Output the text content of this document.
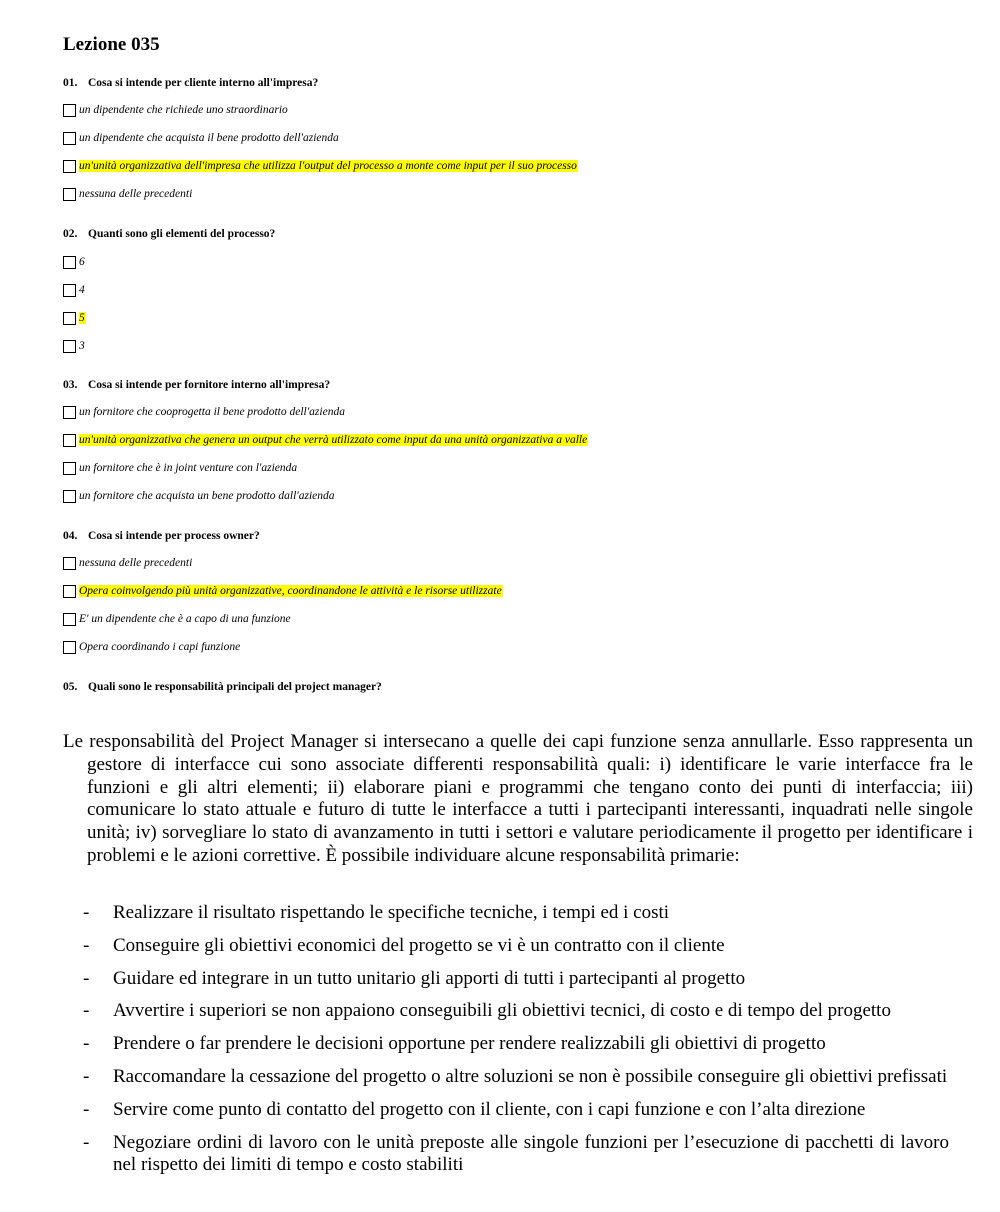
Lezione 035
01. Cosa si intende per cliente interno all'impresa?
un dipendente che richiede uno straordinario
un dipendente che acquista il bene prodotto dell'azienda
un'unità organizzativa dell'impresa che utilizza l'output del processo a monte come input per il suo processo
nessuna delle precedenti
02. Quanti sono gli elementi del processo?
6
4
5
3
03. Cosa si intende per fornitore interno all'impresa?
un fornitore che cooprogetta il bene prodotto dell'azienda
un'unità organizzativa che genera un output che verrà utilizzato come input da una unità organizzativa a valle
un fornitore che è in joint venture con l'azienda
un fornitore che acquista un bene prodotto dall'azienda
04. Cosa si intende per process owner?
nessuna delle precedenti
Opera coinvolgendo più unità organizzative, coordinandone le attività e le risorse utilizzate
E' un dipendente che è a capo di una funzione
Opera coordinando i capi funzione
05. Quali sono le responsabilità principali del project manager?

Le responsabilità del Project Manager si intersecano a quelle dei capi funzione senza annullarle. Esso rappresenta un gestore di interfacce cui sono associate differenti responsabilità quali: i) identificare le varie interfacce fra le funzioni e gli altri elementi; ii) elaborare piani e programmi che tengano conto dei punti di interfaccia; iii) comunicare lo stato attuale e futuro di tutte le interfacce a tutti i partecipanti interessanti, inquadrati nelle singole unità; iv) sorvegliare lo stato di avanzamento in tutti i settori e valutare periodicamente il progetto per identificare i problemi e le azioni correttive. È possibile individuare alcune responsabilità primarie:

- Realizzare il risultato rispettando le specifiche tecniche, i tempi ed i costi
- Conseguire gli obiettivi economici del progetto se vi è un contratto con il cliente
- Guidare ed integrare in un tutto unitario gli apporti di tutti i partecipanti al progetto
- Avvertire i superiori se non appaiono conseguibili gli obiettivi tecnici, di costo e di tempo del progetto
- Prendere o far prendere le decisioni opportune per rendere realizzabili gli obiettivi di progetto
- Raccomandare la cessazione del progetto o altre soluzioni se non è possibile conseguire gli obiettivi prefissati
- Servire come punto di contatto del progetto con il cliente, con i capi funzione e con l’alta direzione
- Negoziare ordini di lavoro con le unità preposte alle singole funzioni per l’esecuzione di pacchetti di lavoro nel rispetto dei limiti di tempo e costo stabiliti
